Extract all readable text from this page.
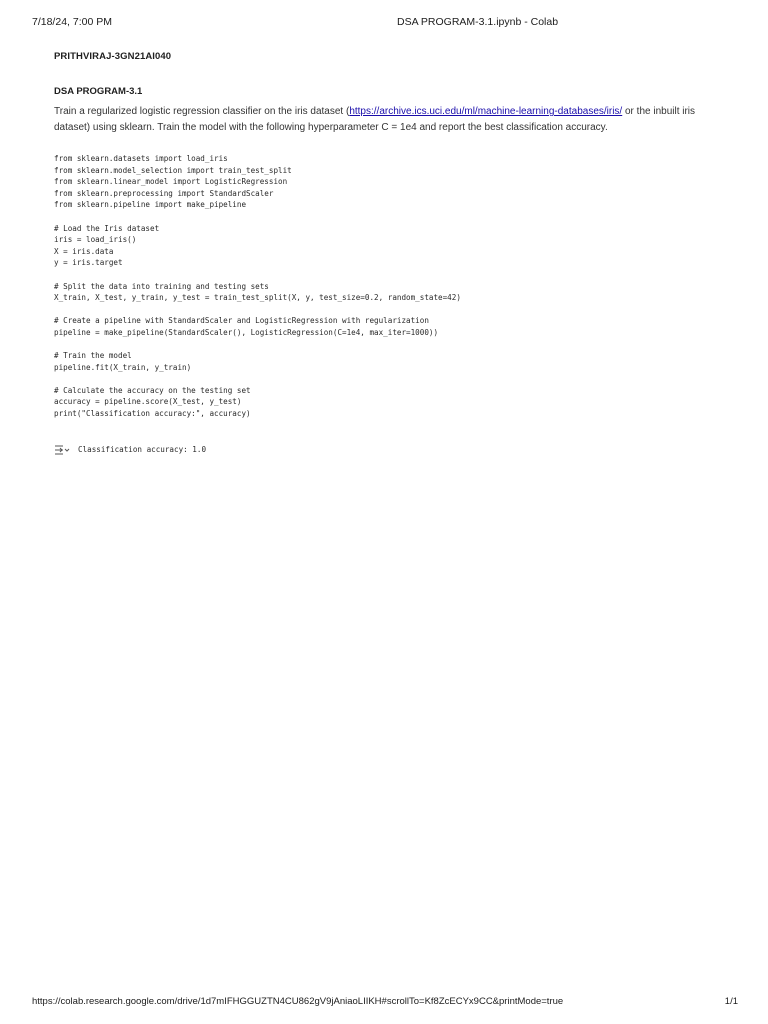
7/18/24, 7:00 PM	DSA PROGRAM-3.1.ipynb - Colab
PRITHVIRAJ-3GN21AI040
DSA PROGRAM-3.1
Train a regularized logistic regression classifier on the iris dataset (https://archive.ics.uci.edu/ml/machine-learning-databases/iris/ or the inbuilt iris dataset) using sklearn. Train the model with the following hyperparameter C = 1e4 and report the best classification accuracy.
from sklearn.datasets import load_iris
from sklearn.model_selection import train_test_split
from sklearn.linear_model import LogisticRegression
from sklearn.preprocessing import StandardScaler
from sklearn.pipeline import make_pipeline
# Load the Iris dataset
iris = load_iris()
X = iris.data
y = iris.target
# Split the data into training and testing sets
X_train, X_test, y_train, y_test = train_test_split(X, y, test_size=0.2, random_state=42)
# Create a pipeline with StandardScaler and LogisticRegression with regularization
pipeline = make_pipeline(StandardScaler(), LogisticRegression(C=1e4, max_iter=1000))
# Train the model
pipeline.fit(X_train, y_train)
# Calculate the accuracy on the testing set
accuracy = pipeline.score(X_test, y_test)
print("Classification accuracy:", accuracy)
Classification accuracy: 1.0
https://colab.research.google.com/drive/1d7mIFHGGUZTN4CU862gV9jAniaoLIIKH#scrollTo=Kf8ZcECYx9CC&printMode=true	1/1
